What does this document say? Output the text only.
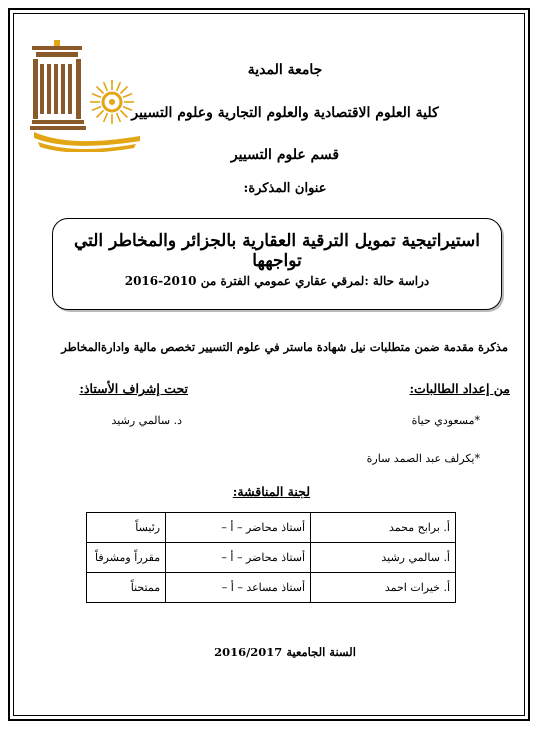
جامعة المدية
كلية العلوم الاقتصادية والعلوم التجارية وعلوم التسيير
قسم علوم التسيير
عنوان المذكرة:
استيراتيجية تمويل الترقية العقارية بالجزائر والمخاطر التي تواجهها
دراسة حالة :لمرقي عقاري عمومي الفترة من 2010-2016
مذكرة مقدمة ضمن متطلبات نيل شهادة ماستر في علوم التسيير تخصص مالية وادارةالمخاطر
من إعداد الطالبات:
*مسعودي حياة
*يكرلف عبد الصمد سارة
تحت إشراف الأستاذ:
د. سالمي رشيد
لجنة المناقشة:
أ. برابح محمد	أستاذ محاضر – أ –	رئيساً
أ. سالمي رشيد	أستاذ محاضر – أ –	مقرراً ومشرفاً
أ. خيرات احمد	أستاذ مساعد – أ –	ممتحناً
السنة الجامعية 2016/2017
